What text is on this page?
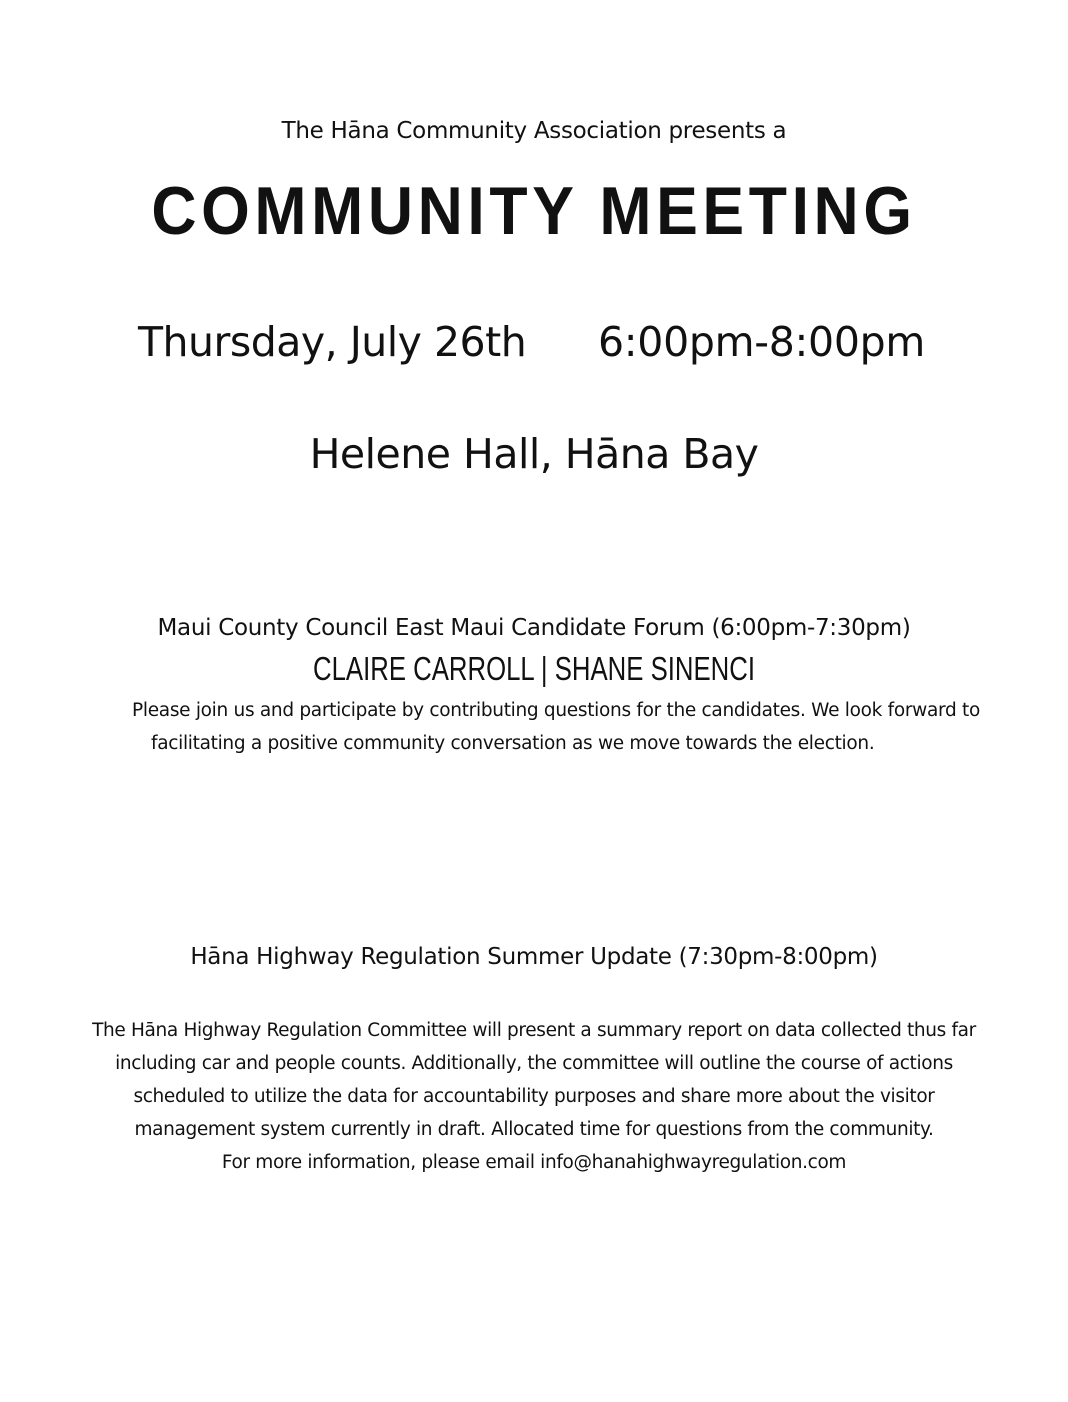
The Hāna Community Association presents a
COMMUNITY MEETING
Thursday, July 26th 6:00pm-8:00pm
Helene Hall, Hāna Bay
Maui County Council East Maui Candidate Forum (6:00pm-7:30pm)
CLAIRE CARROLL | SHANE SINENCI
Please join us and participate by contributing questions for the candidates. We look forward to
facilitating a positive community conversation as we move towards the election.
Hāna Highway Regulation Summer Update (7:30pm-8:00pm)
The Hāna Highway Regulation Committee will present a summary report on data collected thus far
including car and people counts. Additionally, the committee will outline the course of actions
scheduled to utilize the data for accountability purposes and share more about the visitor
management system currently in draft. Allocated time for questions from the community.
For more information, please email info@hanahighwayregulation.com
